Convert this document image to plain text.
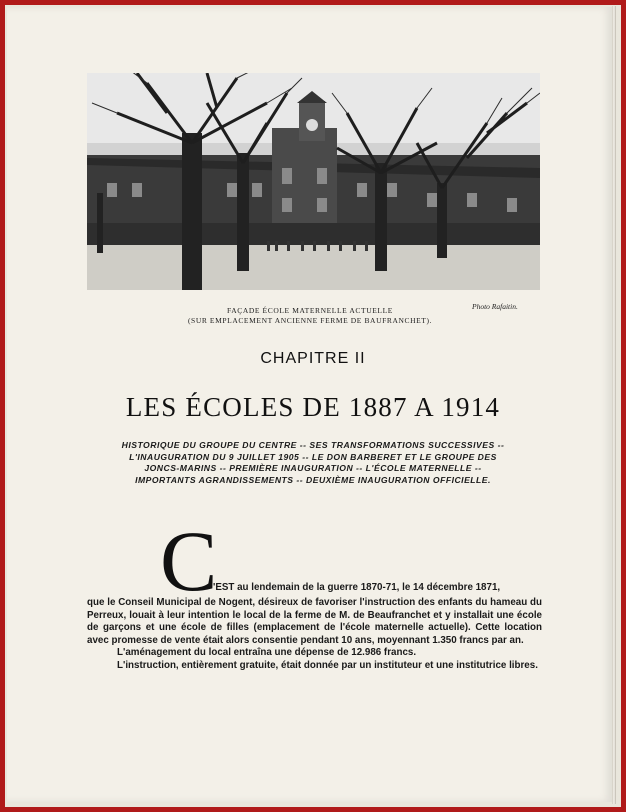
Photo Rafaitin.
FAÇADE ÉCOLE MATERNELLE ACTUELLE
(SUR EMPLACEMENT ANCIENNE FERME DE BAUFRANCHET).
CHAPITRE II
LES ÉCOLES DE 1887 A 1914
HISTORIQUE DU GROUPE DU CENTRE -- SES TRANSFORMATIONS SUCCESSIVES -- L'INAUGURATION DU 9 JUILLET 1905 -- LE DON BARBERET ET LE GROUPE DES JONCS-MARINS -- PREMIÈRE INAUGURATION -- L'ÉCOLE MATERNELLE -- IMPORTANTS AGRANDISSEMENTS -- DEUXIÈME INAUGURATION OFFICIELLE.
C
'EST au lendemain de la guerre 1870-71, le 14 décembre 1871,

que le Conseil Municipal de Nogent, désireux de favoriser l'instruction des enfants du hameau du Perreux, louait à leur intention le local de la ferme de M. de Beaufranchet et y installait une école de garçons et une école de filles (emplacement de l'école maternelle actuelle). Cette location avec promesse de vente était alors consentie pendant 10 ans, moyennant 1.350 francs par an.

L'aménagement du local entraîna une dépense de 12.986 francs.

L'instruction, entièrement gratuite, était donnée par un instituteur et une institutrice libres.
